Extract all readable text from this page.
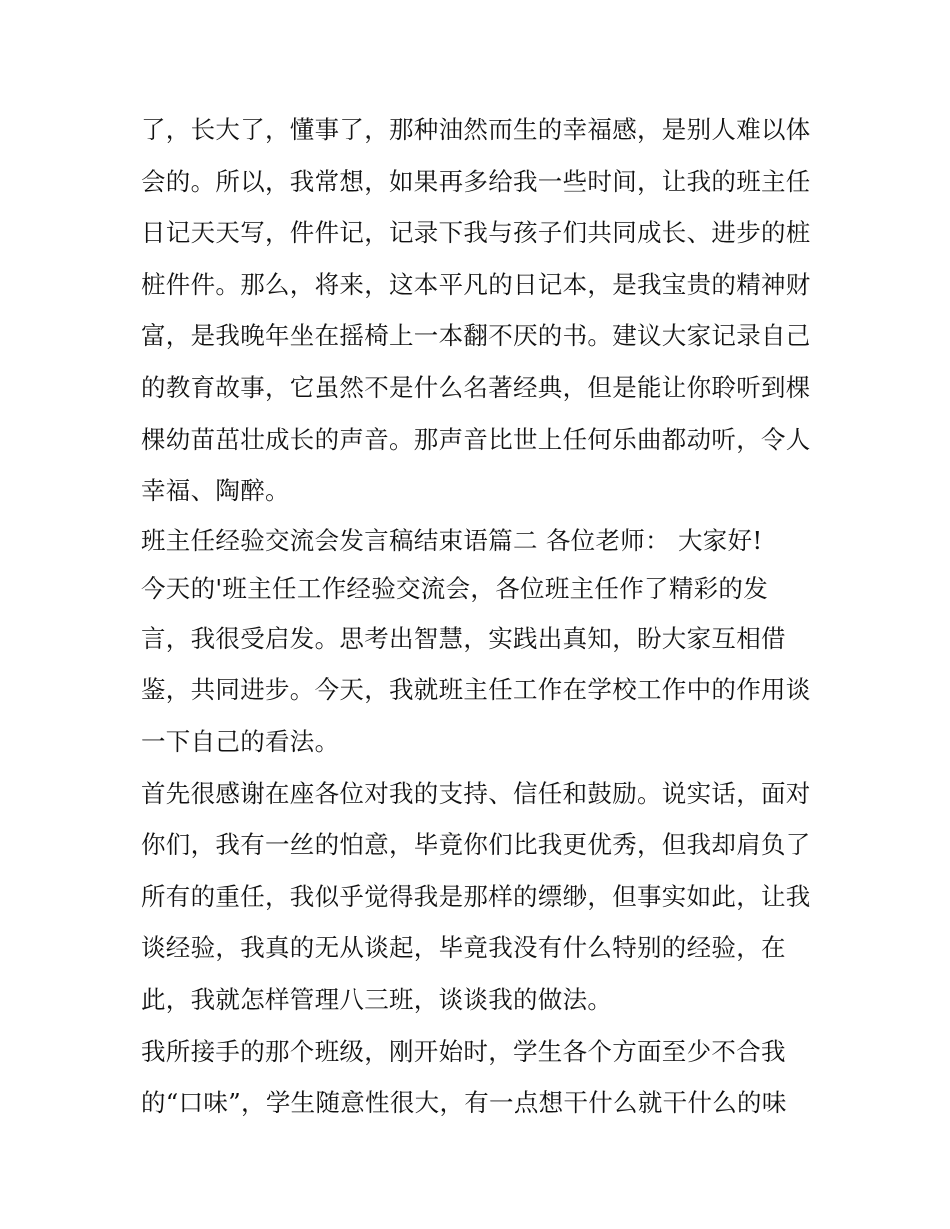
了，长大了，懂事了，那种油然而生的幸福感，是别人难以体
会的。所以，我常想，如果再多给我一些时间，让我的班主任
日记天天写，件件记，记录下我与孩子们共同成长、进步的桩
桩件件。那么，将来，这本平凡的日记本，是我宝贵的精神财
富，是我晚年坐在摇椅上一本翻不厌的书。建议大家记录自己
的教育故事，它虽然不是什么名著经典，但是能让你聆听到棵
棵幼苗茁壮成长的声音。那声音比世上任何乐曲都动听，令人
幸福、陶醉。
班主任经验交流会发言稿结束语篇二 各位老师： 大家好!
今天的'班主任工作经验交流会，各位班主任作了精彩的发
言，我很受启发。思考出智慧，实践出真知，盼大家互相借
鉴，共同进步。今天，我就班主任工作在学校工作中的作用谈
一下自己的看法。
首先很感谢在座各位对我的支持、信任和鼓励。说实话，面对
你们，我有一丝的怕意，毕竟你们比我更优秀，但我却肩负了
所有的重任，我似乎觉得我是那样的缥缈，但事实如此，让我
谈经验，我真的无从谈起，毕竟我没有什么特别的经验，在
此，我就怎样管理八三班，谈谈我的做法。
我所接手的那个班级，刚开始时，学生各个方面至少不合我
的“口味”，学生随意性很大，有一点想干什么就干什么的味
